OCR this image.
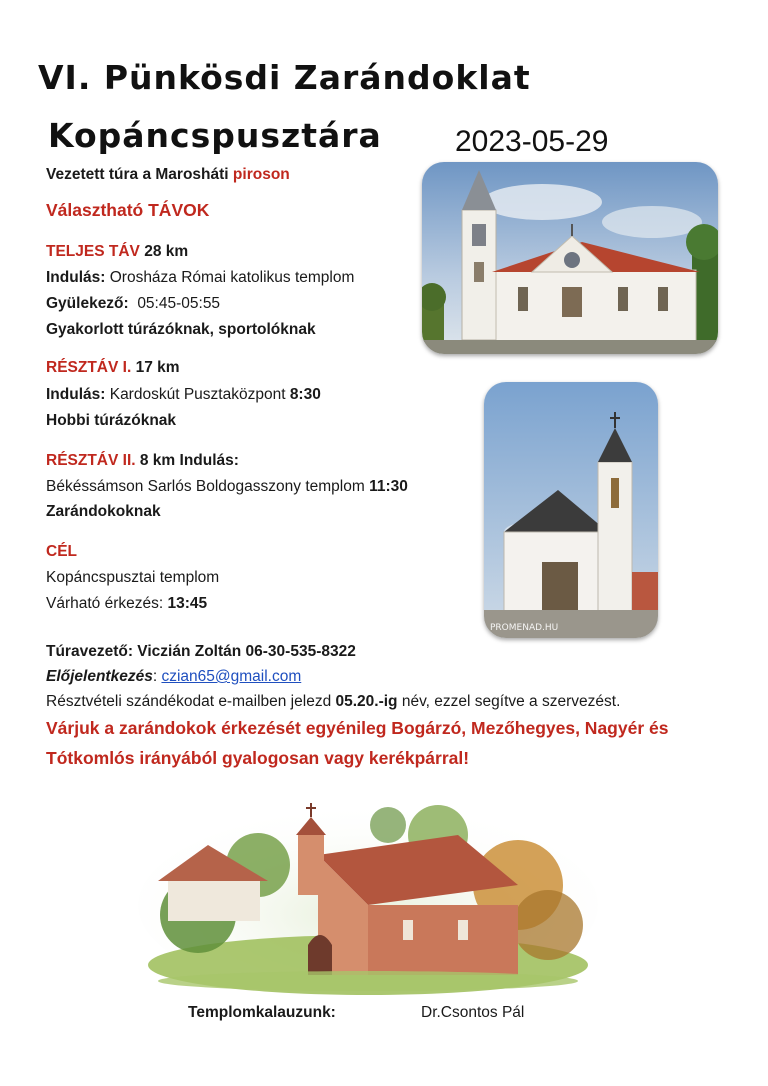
VI. Pünkösdi Zarándoklat
Kopáncspusztára 2023-05-29
Vezetett túra a Marosháti piroson
Választható TÁVOK
TELJES TÁV 28 km
Indulás: Orosháza Római katolikus templom
Gyülekező:  05:45-05:55
Gyakorlott túrázóknak, sportolóknak
RÉSZTÁV I. 17 km
Indulás: Kardoskút Pusztaközpont 8:30
Hobbi túrázóknak
RÉSZTÁV II. 8 km Indulás:
Békéssámson Sarlós Boldogasszony templom 11:30
Zarándokoknak
CÉL
Kopáncspusztai templom
Várható érkezés: 13:45
Túravezető: Viczián Zoltán 06-30-535-8322
Előjelentkezés: czian65@gmail.com
Résztvételi szándékodat e-mailben jelezd 05.20.-ig név, ezzel segítve a szervezést.
Várjuk a zarándokok érkezését egyénileg Bogárzó, Mezőhegyes, Nagyér és
Tótkomlós irányából gyalogosan vagy kerékpárral!
PROMENAD.HU
Templomkalauzunk:	Dr.Csontos Pál
